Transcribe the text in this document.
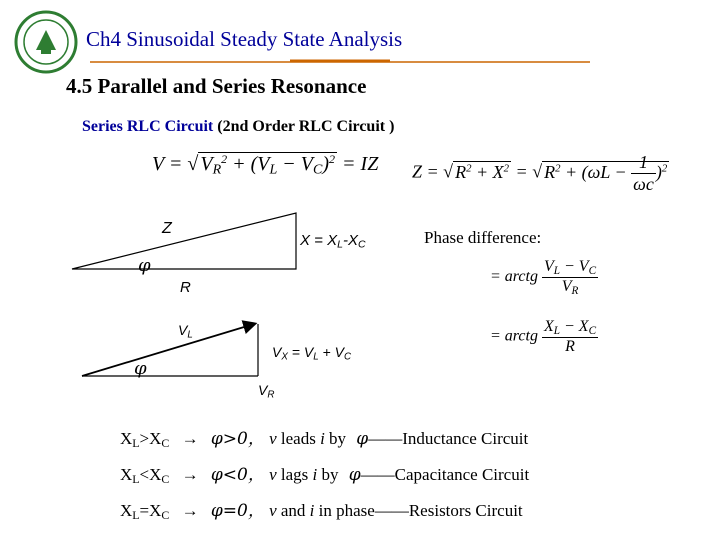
Ch4 Sinusoidal Steady State Analysis
4.5 Parallel and Series Resonance
Series RLC Circuit (2nd Order RLC Circuit )
V = √ $V_R^2 + (V_L - V_C)^2$ = IZ Z = √ $R^2 + X^2$ = √ $R^2 + (\omega L - \frac{1}{\omega c} )^2$
Z
$X = X_L-X_C$
φ
R
Phase difference:
= arctg $\frac{V_L - V_C}{V_R}$
= arctg $\frac{X_L - X_C}{R}$
φ
$V_L$
$V_X = V_L + V_C$
$V_R$
$X_L>X_C \to \varphi>0$， v leads i by φ——Inductance Circuit
$X_L<X_C \to \varphi<0$， v lags i by φ——Capacitance Circuit
$X_L=X_C \to \varphi=0$， v and i in phase——Resistors Circuit
